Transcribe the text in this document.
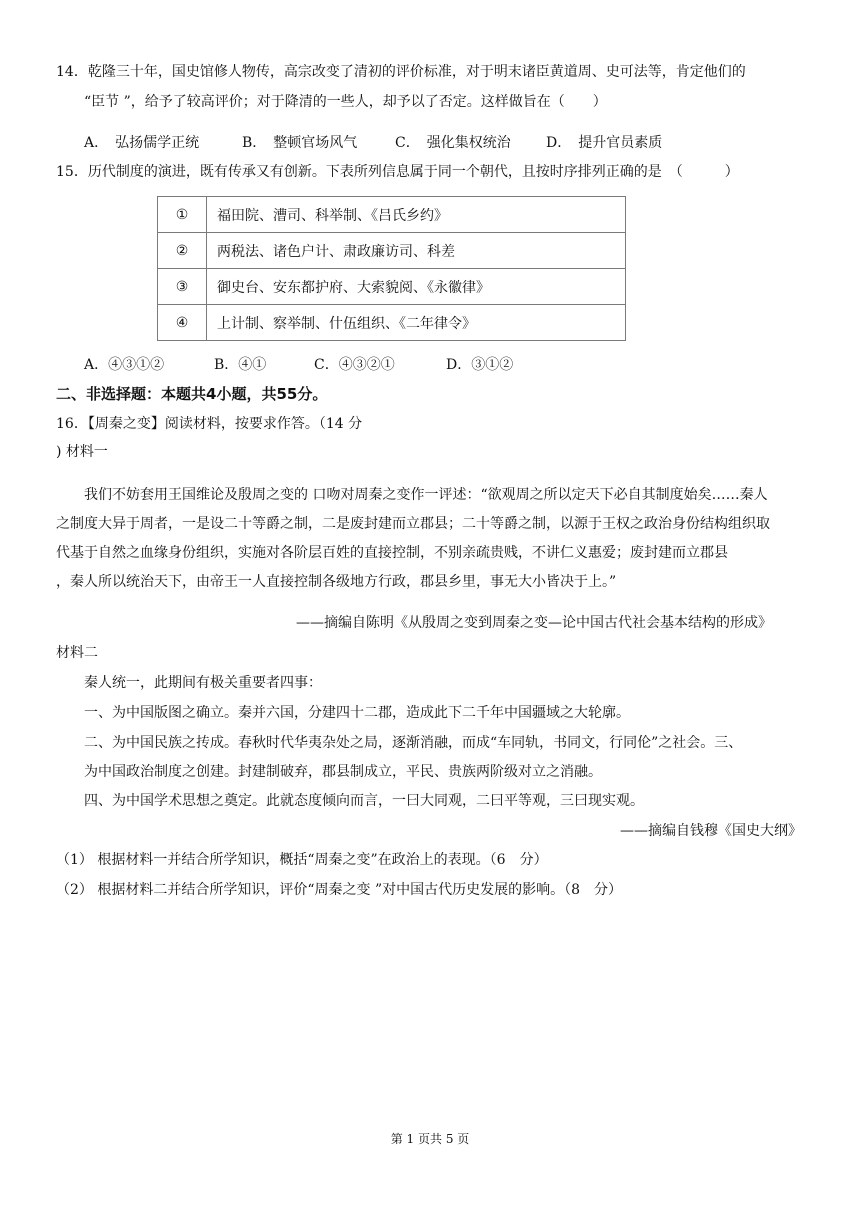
14．乾隆三十年，国史馆修人物传，高宗改变了清初的评价标准，对于明末诸臣黄道周、史可法等，肯定他们的
“臣节 ”，给予了较高评价；对于降清的一些人，却予以了否定。这样做旨在（　　）
A．　弘扬儒学正统	B．　整顿官场风气	C．　强化集权统治	D．　提升官员素质
15．历代制度的演进，既有传承又有创新。下表所列信息属于同一个朝代，且按时序排列正确的是　（　　　）
①	福田院、漕司、科举制、《吕氏乡约》
②	两税法、诸色户计、肃政廉访司、科差
③	御史台、安东都护府、大索貌阅、《永徽律》
④	上计制、察举制、什伍组织、《二年律令》
A．④③①②	B．④①	C．④③②①	D．③①②
二、非选择题：本题共4小题，共55分。
16．【周秦之变】阅读材料，按要求作答。（14 分
) 材料一
我们不妨套用王国维论及殷周之变的 口吻对周秦之变作一评述：“欲观周之所以定天下必自其制度始矣……秦人
之制度大异于周者，一是设二十等爵之制，二是废封建而立郡县；二十等爵之制，以源于王权之政治身份结构组织取
代基于自然之血缘身份组织，实施对各阶层百姓的直接控制，不别亲疏贵贱，不讲仁义惠爱；废封建而立郡县
，秦人所以统治天下，由帝王一人直接控制各级地方行政，郡县乡里，事无大小皆决于上。”
——摘编自陈明《从殷周之变到周秦之变—论中国古代社会基本结构的形成》
材料二
秦人统一，此期间有极关重要者四事：
一、为中国版图之确立。秦并六国，分建四十二郡，造成此下二千年中国疆域之大轮廓。
二、为中国民族之抟成。春秋时代华夷杂处之局，逐渐消融，而成“车同轨，书同文，行同伦”之社会。三、
为中国政治制度之创建。封建制破弃，郡县制成立，平民、贵族两阶级对立之消融。
四、为中国学术思想之奠定。此就态度倾向而言，一曰大同观，二曰平等观，三曰现实观。
——摘编自钱穆《国史大纲》
（1） 根据材料一并结合所学知识，概括“周秦之变”在政治上的表现。（6　分）
（2） 根据材料二并结合所学知识，评价“周秦之变 ”对中国古代历史发展的影响。（8　分）
第 1 页共 5 页
